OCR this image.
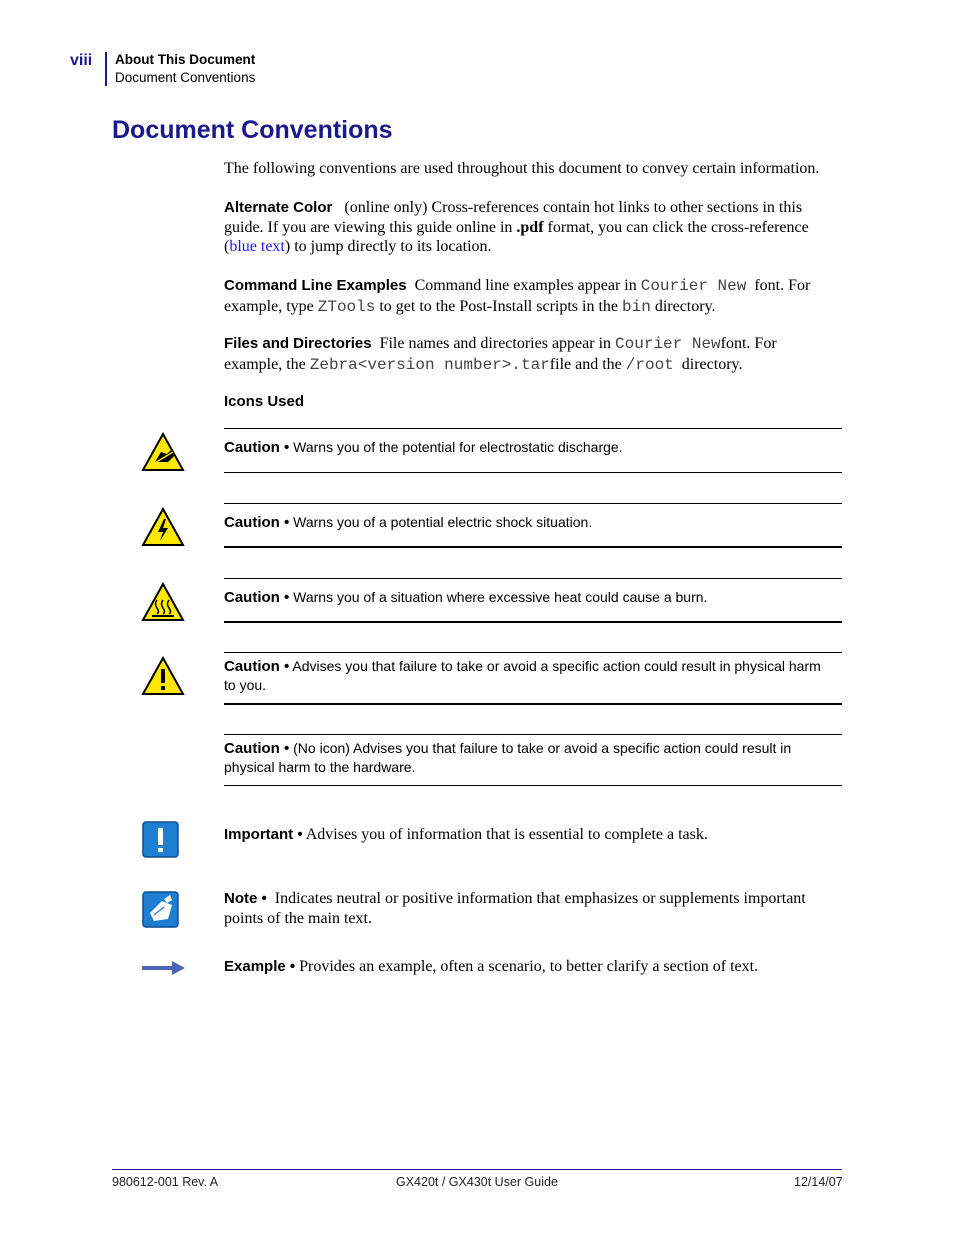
viii About This Document
Document Conventions
Document Conventions
The following conventions are used throughout this document to convey certain information.
Alternate Color (online only) Cross-references contain hot links to other sections in this guide. If you are viewing this guide online in .pdf format, you can click the cross-reference (blue text) to jump directly to its location.
Command Line Examples Command line examples appear in Courier New font. For example, type ZTools to get to the Post-Install scripts in the bin directory.
Files and Directories File names and directories appear in Courier Newfont. For example, the Zebra<version number>.tarfile and the /root directory.
Icons Used
Caution • Warns you of the potential for electrostatic discharge.
Caution • Warns you of a potential electric shock situation.
Caution • Warns you of a situation where excessive heat could cause a burn.
Caution • Advises you that failure to take or avoid a specific action could result in physical harm to you.
Caution • (No icon) Advises you that failure to take or avoid a specific action could result in physical harm to the hardware.
Important • Advises you of information that is essential to complete a task.
Note • Indicates neutral or positive information that emphasizes or supplements important points of the main text.
Example • Provides an example, often a scenario, to better clarify a section of text.
980612-001 Rev. A	GX420t / GX430t User Guide	12/14/07
